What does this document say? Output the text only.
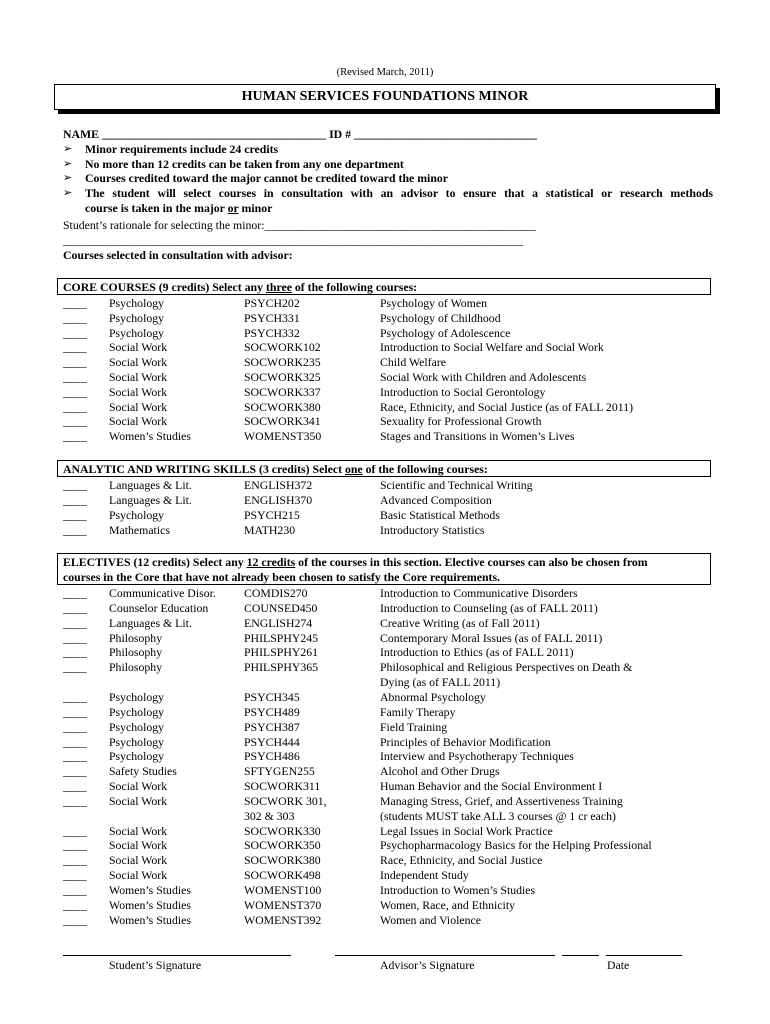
(Revised March, 2011)
HUMAN SERVICES FOUNDATIONS MINOR
NAME ______________________________________ ID # _______________________________
➢ Minor requirements include 24 credits
➢ No more than 12 credits can be taken from any one department
➢ Courses credited toward the major cannot be credited toward the minor
➢ The student will select courses in consultation with an advisor to ensure that a statistical or research methods
course is taken in the major or minor
Student’s rationale for selecting the minor:______________________________________________
______________________________________________________________________________
Courses selected in consultation with advisor:
CORE COURSES (9 credits) Select any three of the following courses:
____	Psychology	PSYCH202	Psychology of Women
____	Psychology	PSYCH331	Psychology of Childhood
____	Psychology	PSYCH332	Psychology of Adolescence
____	Social Work	SOCWORK102	Introduction to Social Welfare and Social Work
____	Social Work	SOCWORK235	Child Welfare
____	Social Work	SOCWORK325	Social Work with Children and Adolescents
____	Social Work	SOCWORK337	Introduction to Social Gerontology
____	Social Work	SOCWORK380	Race, Ethnicity, and Social Justice (as of FALL 2011)
____	Social Work	SOCWORK341	Sexuality for Professional Growth
____	Women’s Studies	WOMENST350	Stages and Transitions in Women’s Lives
ANALYTIC AND WRITING SKILLS (3 credits) Select one of the following courses:
____	Languages & Lit.	ENGLISH372	Scientific and Technical Writing
____	Languages & Lit.	ENGLISH370	Advanced Composition
____	Psychology	PSYCH215	Basic Statistical Methods
____	Mathematics	MATH230	Introductory Statistics
ELECTIVES (12 credits) Select any 12 credits of the courses in this section. Elective courses can also be chosen from
courses in the Core that have not already been chosen to satisfy the Core requirements.
____	Communicative Disor. COMDIS270	Introduction to Communicative Disorders
____	Counselor Education	COUNSED450	Introduction to Counseling (as of FALL 2011)
____	Languages & Lit.	ENGLISH274	Creative Writing (as of Fall 2011)
____	Philosophy	PHILSPHY245	Contemporary Moral Issues (as of FALL 2011)
____	Philosophy	PHILSPHY261	Introduction to Ethics (as of FALL 2011)
____	Philosophy	PHILSPHY365	Philosophical and Religious Perspectives on Death &
Dying (as of FALL 2011)
____	Psychology	PSYCH345	Abnormal Psychology
____	Psychology	PSYCH489	Family Therapy
____	Psychology	PSYCH387	Field Training
____	Psychology	PSYCH444	Principles of Behavior Modification
____	Psychology	PSYCH486	Interview and Psychotherapy Techniques
____	Safety Studies	SFTYGEN255	Alcohol and Other Drugs
____	Social Work	SOCWORK311	Human Behavior and the Social Environment I
____	Social Work	SOCWORK 301,	Managing Stress, Grief, and Assertiveness Training
302 & 303	(students MUST take ALL 3 courses @ 1 cr each)
____	Social Work	SOCWORK330	Legal Issues in Social Work Practice
____	Social Work	SOCWORK350	Psychopharmacology Basics for the Helping Professional
____	Social Work	SOCWORK380	Race, Ethnicity, and Social Justice
____	Social Work	SOCWORK498	Independent Study
____	Women’s Studies	WOMENST100	Introduction to Women’s Studies
____	Women’s Studies	WOMENST370	Women, Race, and Ethnicity
____	Women’s Studies	WOMENST392	Women and Violence
Student’s Signature	Advisor’s Signature	Date
